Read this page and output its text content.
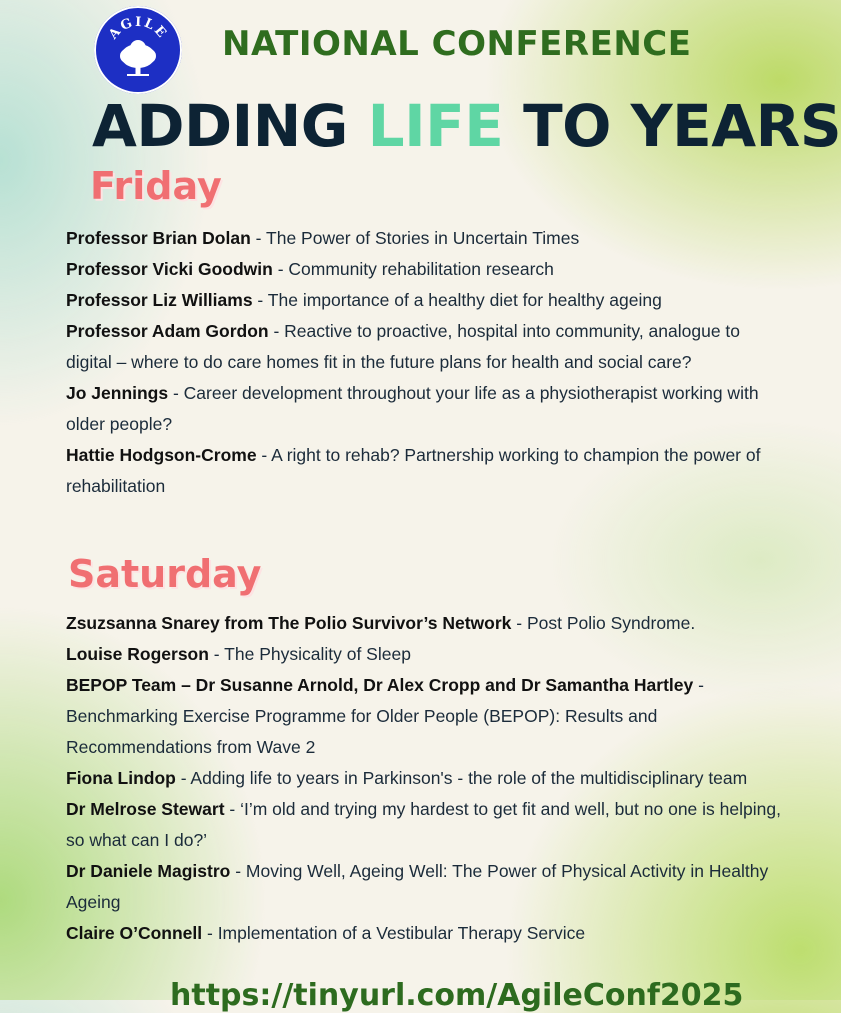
AGILE NATIONAL CONFERENCE
ADDING LIFE TO YEARS
Friday
Professor Brian Dolan - The Power of Stories in Uncertain Times
Professor Vicki Goodwin - Community rehabilitation research
Professor Liz Williams - The importance of a healthy diet for healthy ageing
Professor Adam Gordon - Reactive to proactive, hospital into community, analogue to digital – where to do care homes fit in the future plans for health and social care?
Jo Jennings - Career development throughout your life as a physiotherapist working with older people?
Hattie Hodgson-Crome - A right to rehab? Partnership working to champion the power of rehabilitation
Saturday
Zsuzsanna Snarey from The Polio Survivor’s Network - Post Polio Syndrome.
Louise Rogerson - The Physicality of Sleep
BEPOP Team – Dr Susanne Arnold, Dr Alex Cropp and Dr Samantha Hartley - Benchmarking Exercise Programme for Older People (BEPOP): Results and Recommendations from Wave 2
Fiona Lindop - Adding life to years in Parkinson's - the role of the multidisciplinary team
Dr Melrose Stewart - ‘I’m old and trying my hardest to get fit and well, but no one is helping, so what can I do?’
Dr Daniele Magistro - Moving Well, Ageing Well: The Power of Physical Activity in Healthy Ageing
Claire O’Connell - Implementation of a Vestibular Therapy Service
https://tinyurl.com/AgileConf2025
